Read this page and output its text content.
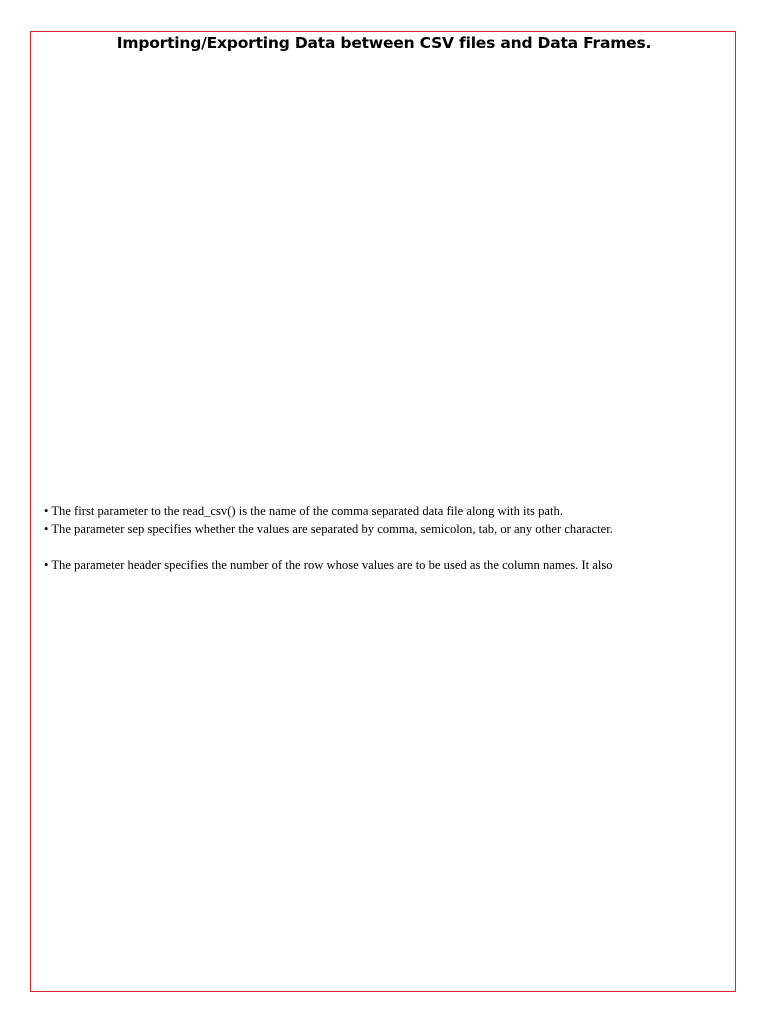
Importing/Exporting Data between CSV files and Data Frames.
• The first parameter to the read_csv() is the name of the comma separated data file along with its path.
• The parameter sep specifies whether the values are separated by comma, semicolon, tab, or any other character.
• The parameter header specifies the number of the row whose values are to be used as the column names. It also
